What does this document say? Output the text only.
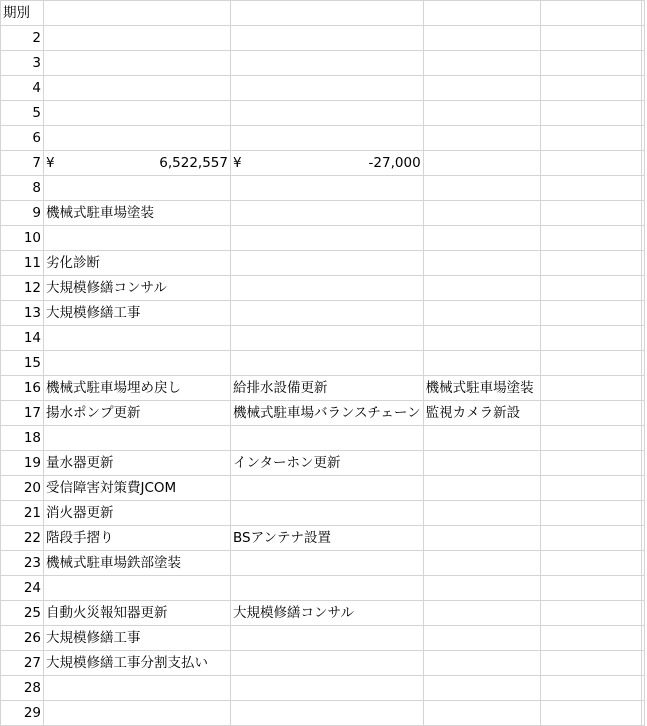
期別				
2				
3				
4				
5				
6				
7	¥ 6,522,557	¥ -27,000		

8				
9	機械式駐車場塗装			
10				
11	劣化診断			
12	大規模修繕コンサル			
13	大規模修繕工事			
14				
15				
16	機械式駐車場埋め戻し	給排水設備更新	機械式駐車場塗装	
17	揚水ポンプ更新	機械式駐車場バランスチェーン	監視カメラ新設	
18				
19	量水器更新	インターホン更新		
20	受信障害対策費JCOM			
21	消火器更新			
22	階段手摺り	BSアンテナ設置		
23	機械式駐車場鉄部塗装			
24				
25	自動火災報知器更新	大規模修繕コンサル		
26	大規模修繕工事			
27	大規模修繕工事分割支払い			
28				
29				
